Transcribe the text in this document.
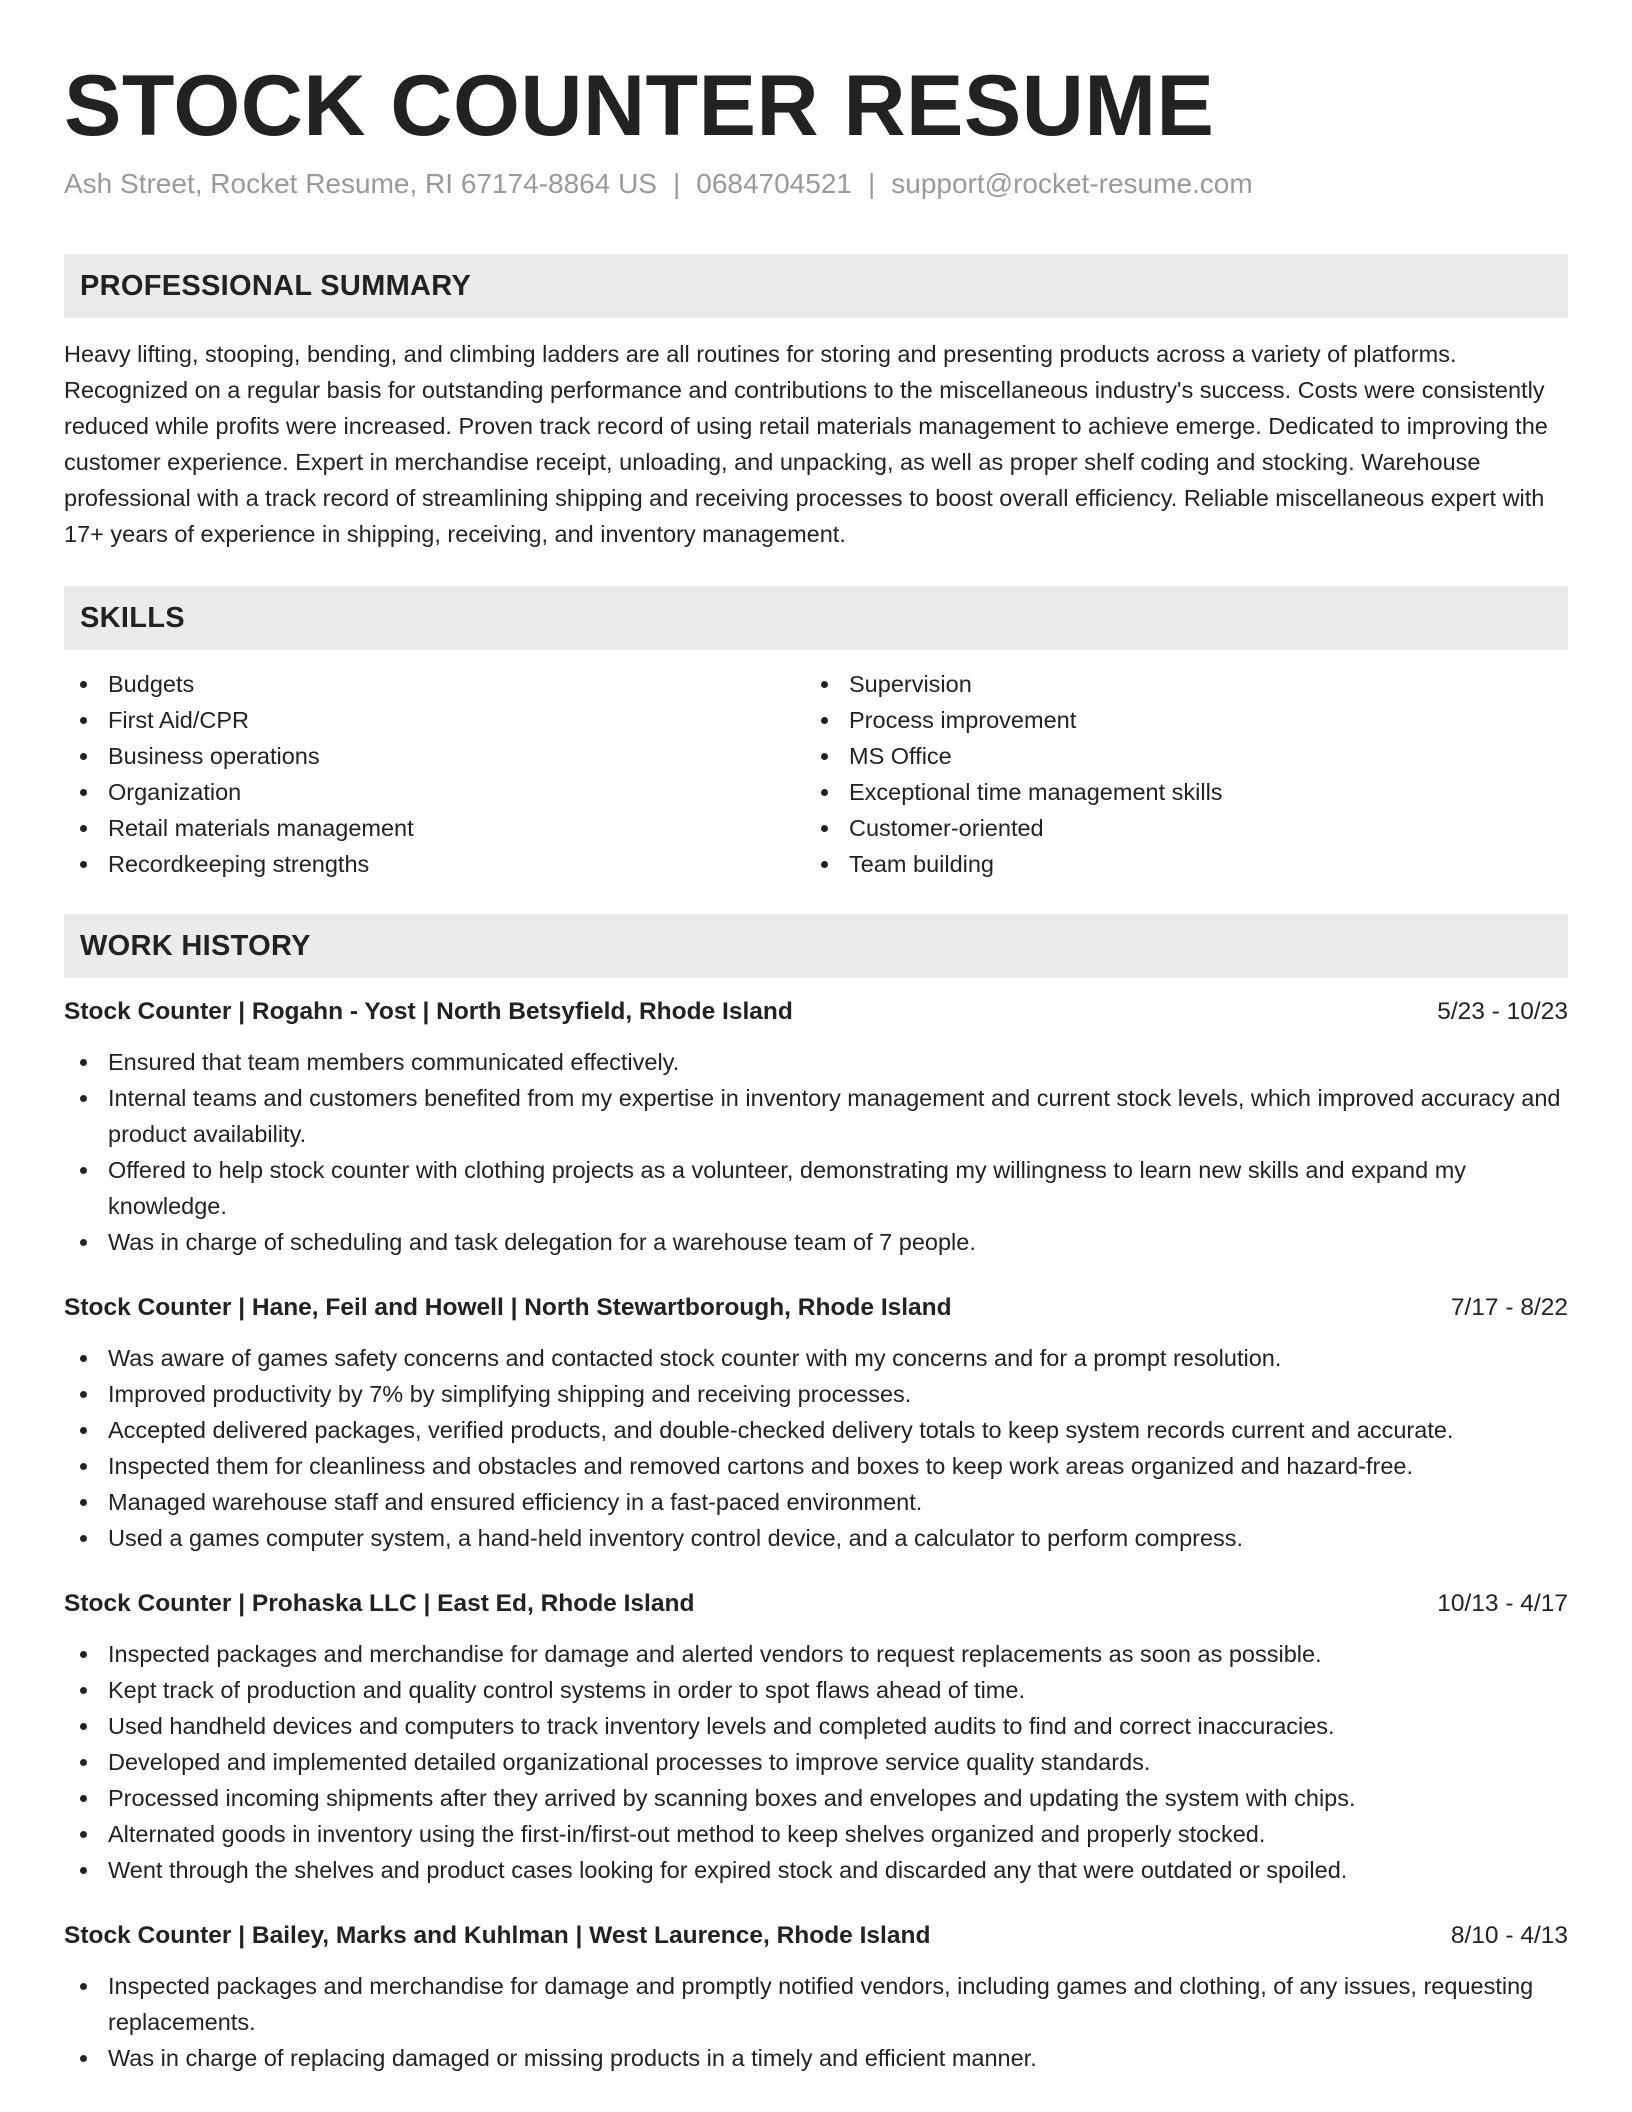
STOCK COUNTER RESUME
Ash Street, Rocket Resume, RI 67174-8864 US | 0684704521 | support@rocket-resume.com
PROFESSIONAL SUMMARY

Heavy lifting, stooping, bending, and climbing ladders are all routines for storing and presenting products across a variety of platforms. Recognized on a regular basis for outstanding performance and contributions to the miscellaneous industry's success. Costs were consistently reduced while profits were increased. Proven track record of using retail materials management to achieve emerge. Dedicated to improving the customer experience. Expert in merchandise receipt, unloading, and unpacking, as well as proper shelf coding and stocking. Warehouse professional with a track record of streamlining shipping and receiving processes to boost overall efficiency. Reliable miscellaneous expert with 17+ years of experience in shipping, receiving, and inventory management.

SKILLS
Budgets
First Aid/CPR
Business operations
Organization
Retail materials management
Recordkeeping strengths
Supervision
Process improvement
MS Office
Exceptional time management skills
Customer-oriented
Team building
WORK HISTORY
Stock Counter | Rogahn - Yost | North Betsyfield, Rhode Island	5/23 - 10/23
Ensured that team members communicated effectively.
Internal teams and customers benefited from my expertise in inventory management and current stock levels, which improved accuracy and product availability.
Offered to help stock counter with clothing projects as a volunteer, demonstrating my willingness to learn new skills and expand my knowledge.
Was in charge of scheduling and task delegation for a warehouse team of 7 people.
Stock Counter | Hane, Feil and Howell | North Stewartborough, Rhode Island	7/17 - 8/22
Was aware of games safety concerns and contacted stock counter with my concerns and for a prompt resolution.
Improved productivity by 7% by simplifying shipping and receiving processes.
Accepted delivered packages, verified products, and double-checked delivery totals to keep system records current and accurate.
Inspected them for cleanliness and obstacles and removed cartons and boxes to keep work areas organized and hazard-free.
Managed warehouse staff and ensured efficiency in a fast-paced environment.
Used a games computer system, a hand-held inventory control device, and a calculator to perform compress.
Stock Counter | Prohaska LLC | East Ed, Rhode Island	10/13 - 4/17
Inspected packages and merchandise for damage and alerted vendors to request replacements as soon as possible.
Kept track of production and quality control systems in order to spot flaws ahead of time.
Used handheld devices and computers to track inventory levels and completed audits to find and correct inaccuracies.
Developed and implemented detailed organizational processes to improve service quality standards.
Processed incoming shipments after they arrived by scanning boxes and envelopes and updating the system with chips.
Alternated goods in inventory using the first-in/first-out method to keep shelves organized and properly stocked.
Went through the shelves and product cases looking for expired stock and discarded any that were outdated or spoiled.
Stock Counter | Bailey, Marks and Kuhlman | West Laurence, Rhode Island	8/10 - 4/13
Inspected packages and merchandise for damage and promptly notified vendors, including games and clothing, of any issues, requesting replacements.
Was in charge of replacing damaged or missing products in a timely and efficient manner.
